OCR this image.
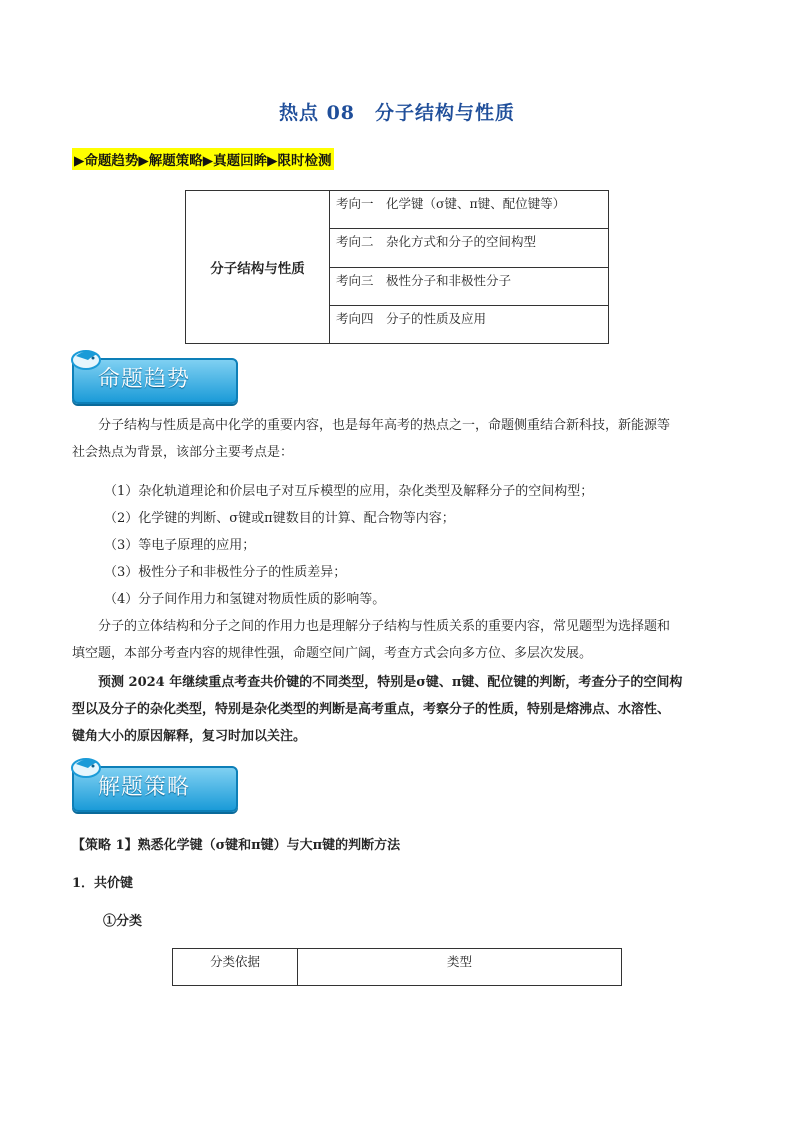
热点 08　分子结构与性质
▶命题趋势▶解题策略▶真题回眸▶限时检测
分子结构与性质	考向一　化学键（σ键、π键、配位键等）
考向二　杂化方式和分子的空间构型
考向三　极性分子和非极性分子
考向四　分子的性质及应用
命题趋势
分子结构与性质是高中化学的重要内容，也是每年高考的热点之一，命题侧重结合新科技，新能源等
社会热点为背景，该部分主要考点是：
（1）杂化轨道理论和价层电子对互斥模型的应用，杂化类型及解释分子的空间构型；
（2）化学键的判断、σ键或π键数目的计算、配合物等内容；
（3）等电子原理的应用；
（3）极性分子和非极性分子的性质差异；
（4）分子间作用力和氢键对物质性质的影响等。
分子的立体结构和分子之间的作用力也是理解分子结构与性质关系的重要内容，常见题型为选择题和
填空题，本部分考查内容的规律性强，命题空间广阔，考查方式会向多方位、多层次发展。
预测 2024 年继续重点考查共价键的不同类型，特别是σ键、π键、配位键的判断，考查分子的空间构
型以及分子的杂化类型，特别是杂化类型的判断是高考重点，考察分子的性质，特别是熔沸点、水溶性、
键角大小的原因解释，复习时加以关注。
解题策略
【策略 1】熟悉化学键（σ键和π键）与大π键的判断方法
1．共价键
①分类
分类依据	类型
